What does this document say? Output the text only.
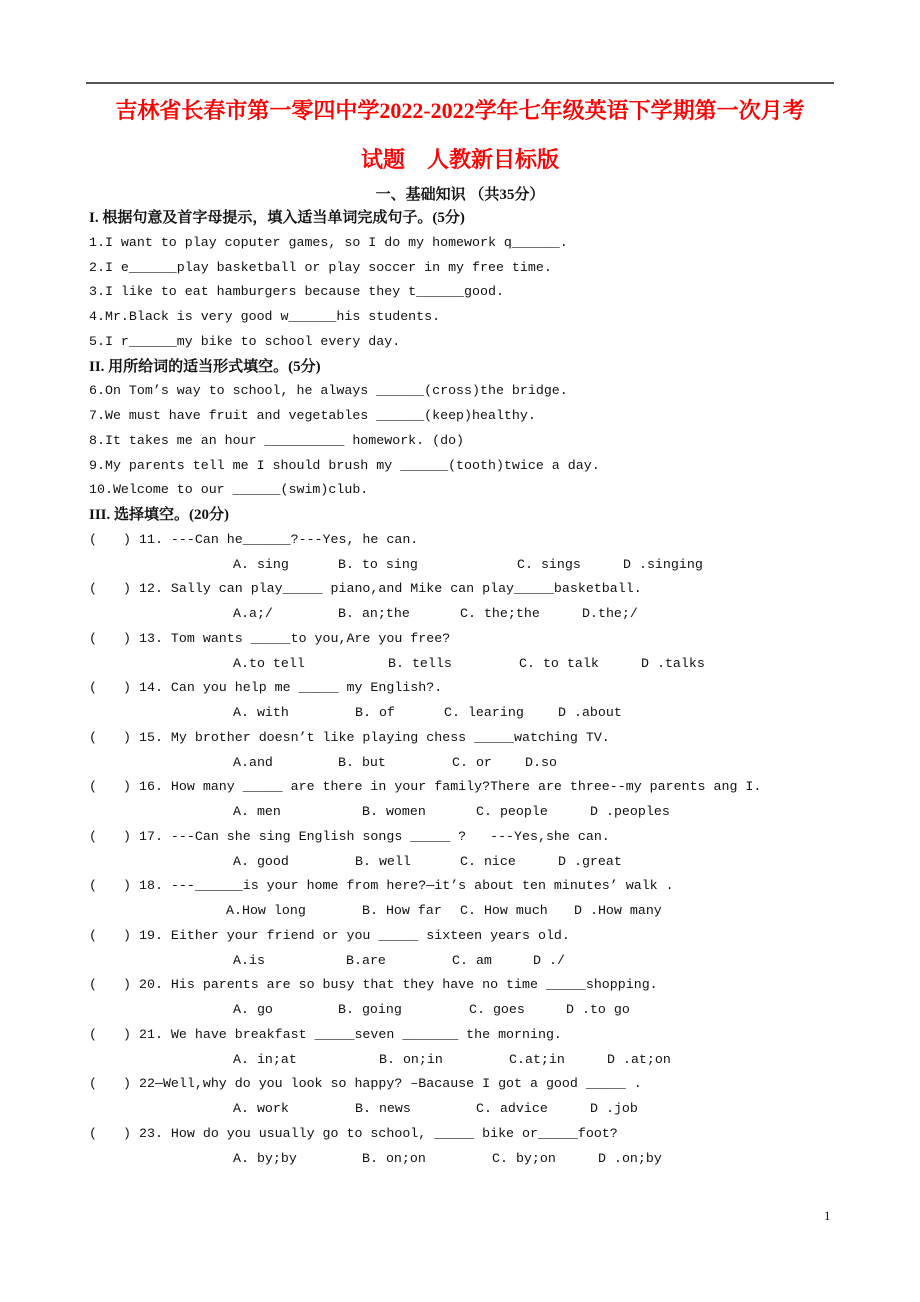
吉林省长春市第一零四中学2022-2022学年七年级英语下学期第一次月考
试题　人教新目标版
一、基础知识 （共35分）
I. 根据句意及首字母提示，填入适当单词完成句子。(5分)
1.I want to play coputer games, so I do my homework q______.
2.I e______play basketball or play soccer in my free time.
3.I like to eat hamburgers because they t______good.
4.Mr.Black is very good w______his students.
5.I r______my bike to school every day.
II. 用所给词的适当形式填空。(5分)
6.On Tom’s way to school, he always ______(cross)the bridge.
7.We must have fruit and vegetables ______(keep)healthy.
8.It takes me an hour __________ homework. (do)
9.My parents tell me I should brush my ______(tooth)twice a day.
10.Welcome to our ______(swim)club.
III. 选择填空。(20分)
( ) 11. ---Can he______?---Yes, he can.
A. sing	B. to sing	C. sings	D .singing
( ) 12. Sally can play_____ piano,and Mike can play_____basketball.
A.a;/	B. an;the	C. the;the	D.the;/
( ) 13. Tom wants _____to you,Are you free?
A.to tell	B. tells	C. to talk	D .talks
( ) 14. Can you help me _____ my English?.
A. with	B. of	C. learing	D .about
( ) 15. My brother doesn’t like playing chess _____watching TV.
A.and	B. but	C. or D.so
( ) 16. How many _____ are there in your family?There are three--my parents ang I.
A. men	B. women	C. people	D .peoples
( ) 17. ---Can she sing English songs _____ ?   ---Yes,she can.
A. good	B. well	C. nice	D .great
( ) 18. ---______is your home from here?—it’s about ten minutes’ walk .
A.How long	B. How far C. How much D .How many
( ) 19. Either your friend or you _____ sixteen years old.
A.is	B.are	C. am	D ./
( ) 20. His parents are so busy that they have no time _____shopping.
A. go	B. going	C. goes	D .to go
( ) 21. We have breakfast _____seven _______ the morning.
A. in;at	B. on;in	C.at;in	D .at;on
( ) 22—Well,why do you look so happy? –Bacause I got a good _____ .
A. work	B. news	C. advice	D .job
( ) 23. How do you usually go to school, _____ bike or_____foot?
A. by;by	B. on;on	C. by;on	D .on;by
1
